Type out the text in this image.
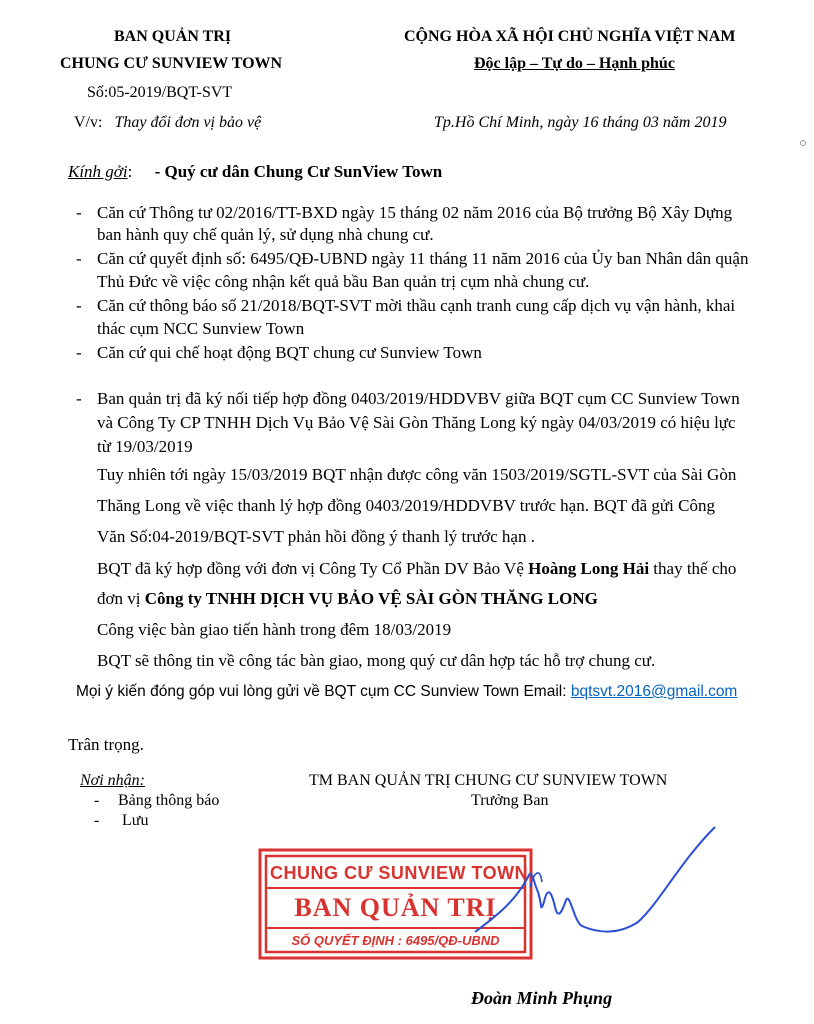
BAN QUẢN TRỊ
CHUNG CƯ SUNVIEW TOWN
Số:05-2019/BQT-SVT
V/v: Thay đổi đơn vị bảo vệ
CỘNG HÒA XÃ HỘI CHỦ NGHĨA VIỆT NAM
Độc lập – Tự do – Hạnh phúc
Tp.Hồ Chí Minh, ngày 16 tháng 03 năm 2019
Kính gởi: - Quý cư dân Chung Cư SunView Town
- Căn cứ Thông tư 02/2016/TT-BXD ngày 15 tháng 02 năm 2016 của Bộ trưởng Bộ Xây Dựng
ban hành quy chế quản lý, sử dụng nhà chung cư.
- Căn cứ quyết định số: 6495/QĐ-UBND ngày 11 tháng 11 năm 2016 của Ủy ban Nhân dân quận
Thủ Đức về việc công nhận kết quả bầu Ban quản trị cụm nhà chung cư.
- Căn cứ thông báo số 21/2018/BQT-SVT mời thầu cạnh tranh cung cấp dịch vụ vận hành, khai
thác cụm NCC Sunview Town
- Căn cứ qui chế hoạt động BQT chung cư Sunview Town
- Ban quản trị đã ký nối tiếp hợp đồng 0403/2019/HDDVBV giữa BQT cụm CC Sunview Town
và Công Ty CP TNHH Dịch Vụ Bảo Vệ Sài Gòn Thăng Long ký ngày 04/03/2019 có hiệu lực
từ 19/03/2019
Tuy nhiên tới ngày 15/03/2019 BQT nhận được công văn 1503/2019/SGTL-SVT của Sài Gòn
Thăng Long về việc thanh lý hợp đồng 0403/2019/HDDVBV trước hạn. BQT đã gửi Công
Văn Số:04-2019/BQT-SVT phản hồi đồng ý thanh lý trước hạn .
BQT đã ký hợp đồng với đơn vị Công Ty Cổ Phần DV Bảo Vệ Hoàng Long Hải thay thế cho
đơn vị Công ty TNHH DỊCH VỤ BẢO VỆ SÀI GÒN THĂNG LONG
Công việc bàn giao tiến hành trong đêm 18/03/2019
BQT sẽ thông tin về công tác bàn giao, mong quý cư dân hợp tác hỗ trợ chung cư.
Mọi ý kiến đóng góp vui lòng gửi về BQT cụm CC Sunview Town Email: bqtsvt.2016@gmail.com
Trân trọng.
Nơi nhận:
- Bảng thông báo
- Lưu
TM BAN QUẢN TRỊ CHUNG CƯ SUNVIEW TOWN
Trưởng Ban
CHUNG CƯ SUNVIEW TOWN
BAN QUẢN TRỊ
SỐ QUYẾT ĐỊNH : 6495/QĐ-UBND
Đoàn Minh Phụng
